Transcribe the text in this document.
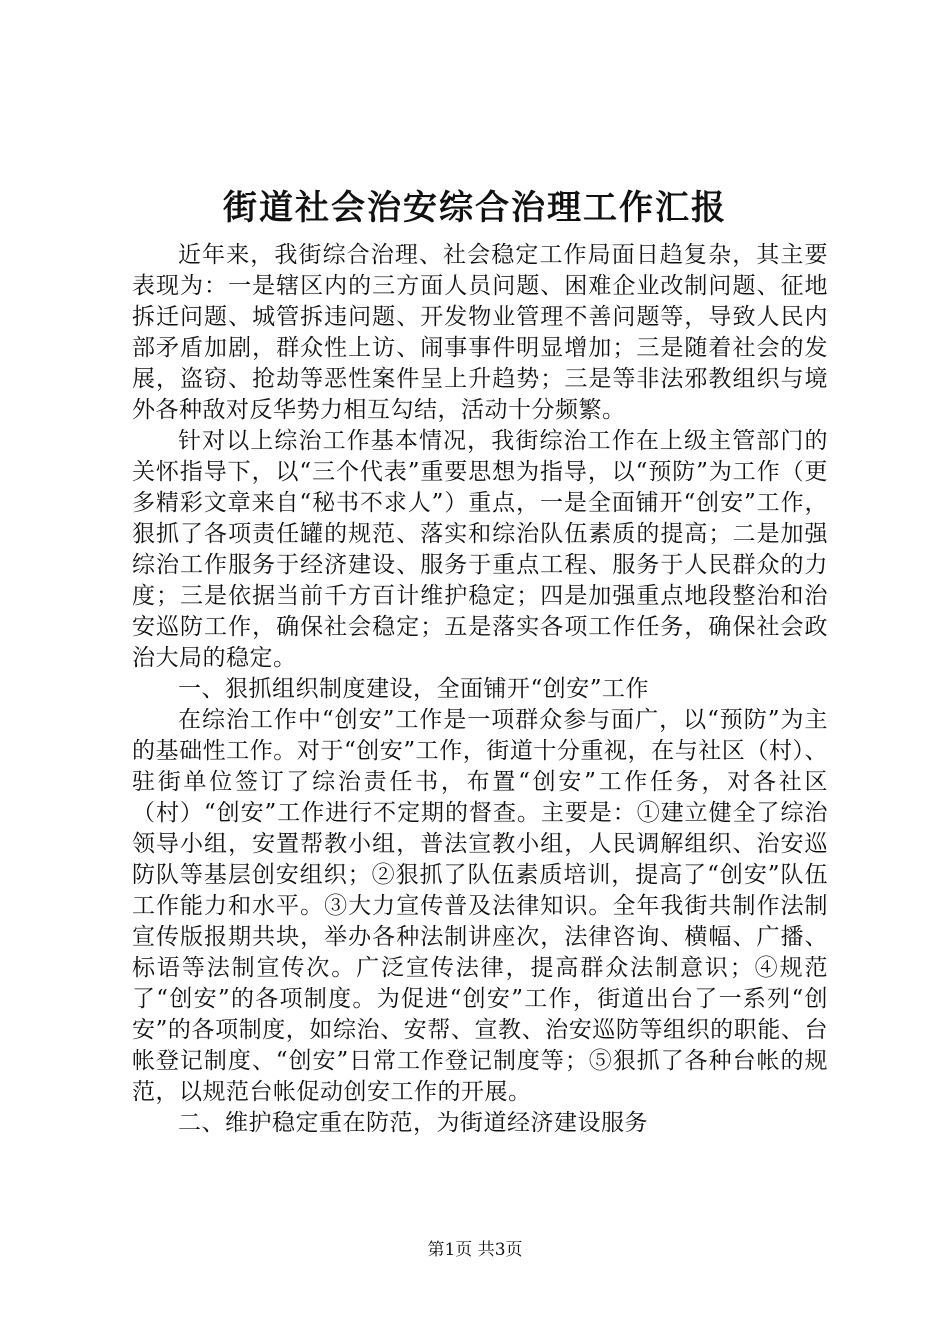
街道社会治安综合治理工作汇报

近年来，我街综合治理、社会稳定工作局面日趋复杂，其主要表现为：一是辖区内的三方面人员问题、困难企业改制问题、征地拆迁问题、城管拆违问题、开发物业管理不善问题等，导致人民内部矛盾加剧，群众性上访、闹事事件明显增加；三是随着社会的发展，盗窃、抢劫等恶性案件呈上升趋势；三是等非法邪教组织与境外各种敌对反华势力相互勾结，活动十分频繁。

针对以上综治工作基本情况，我街综治工作在上级主管部门的关怀指导下，以“三个代表”重要思想为指导，以“预防”为工作（更多精彩文章来自“秘书不求人”）重点，一是全面铺开“创安”工作，狠抓了各项责任罐的规范、落实和综治队伍素质的提高；二是加强综治工作服务于经济建设、服务于重点工程、服务于人民群众的力度；三是依据当前千方百计维护稳定；四是加强重点地段整治和治安巡防工作，确保社会稳定；五是落实各项工作任务，确保社会政治大局的稳定。

一、狠抓组织制度建设，全面铺开“创安”工作

在综治工作中“创安”工作是一项群众参与面广，以“预防”为主的基础性工作。对于“创安”工作，街道十分重视，在与社区（村）、驻街单位签订了综治责任书，布置“创安”工作任务，对各社区（村）“创安”工作进行不定期的督查。主要是：①建立健全了综治领导小组，安置帮教小组，普法宣教小组，人民调解组织、治安巡防队等基层创安组织；②狠抓了队伍素质培训，提高了“创安”队伍工作能力和水平。③大力宣传普及法律知识。全年我街共制作法制宣传版报期共块，举办各种法制讲座次，法律咨询、横幅、广播、标语等法制宣传次。广泛宣传法律，提高群众法制意识；④规范了“创安”的各项制度。为促进“创安”工作，街道出台了一系列“创安”的各项制度，如综治、安帮、宣教、治安巡防等组织的职能、台帐登记制度、“创安”日常工作登记制度等；⑤狠抓了各种台帐的规范，以规范台帐促动创安工作的开展。

二、维护稳定重在防范，为街道经济建设服务

第1页 共3页
